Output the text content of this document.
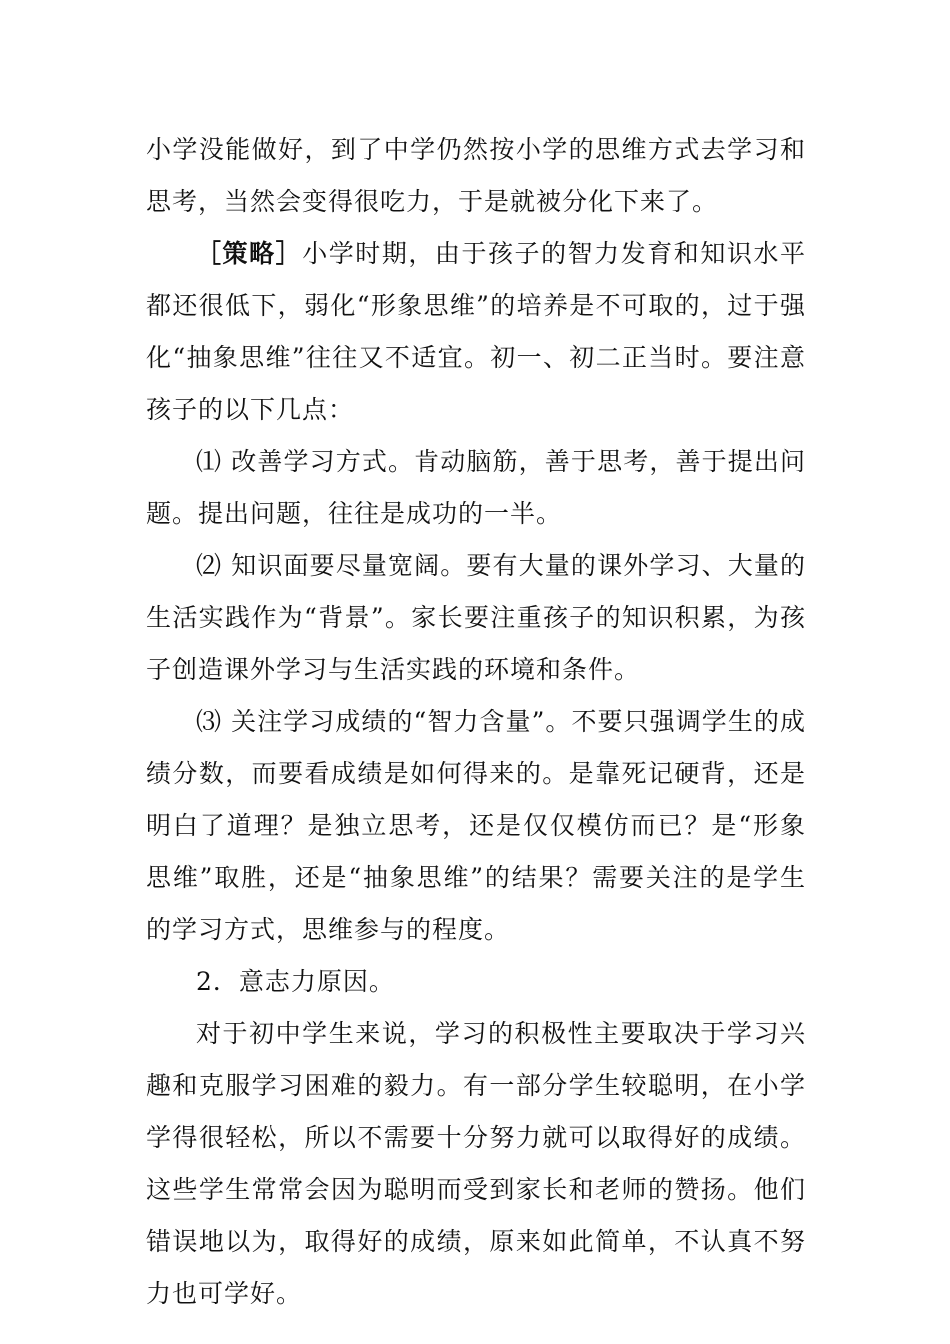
小学没能做好，到了中学仍然按小学的思维方式去学习和思考，当然会变得很吃力，于是就被分化下来了。

［策略］小学时期，由于孩子的智力发育和知识水平都还很低下，弱化“形象思维”的培养是不可取的，过于强化“抽象思维”往往又不适宜。初一、初二正当时。要注意孩子的以下几点：

⑴ 改善学习方式。肯动脑筋，善于思考，善于提出问题。提出问题，往往是成功的一半。

⑵ 知识面要尽量宽阔。要有大量的课外学习、大量的生活实践作为“背景”。家长要注重孩子的知识积累，为孩子创造课外学习与生活实践的环境和条件。

⑶ 关注学习成绩的“智力含量”。不要只强调学生的成绩分数，而要看成绩是如何得来的。是靠死记硬背，还是明白了道理？是独立思考，还是仅仅模仿而已？是“形象思维”取胜，还是“抽象思维”的结果？需要关注的是学生的学习方式，思维参与的程度。

2．意志力原因。

对于初中学生来说，学习的积极性主要取决于学习兴趣和克服学习困难的毅力。有一部分学生较聪明，在小学学得很轻松，所以不需要十分努力就可以取得好的成绩。这些学生常常会因为聪明而受到家长和老师的赞扬。他们错误地以为，取得好的成绩，原来如此简单，不认真不努力也可学好。
